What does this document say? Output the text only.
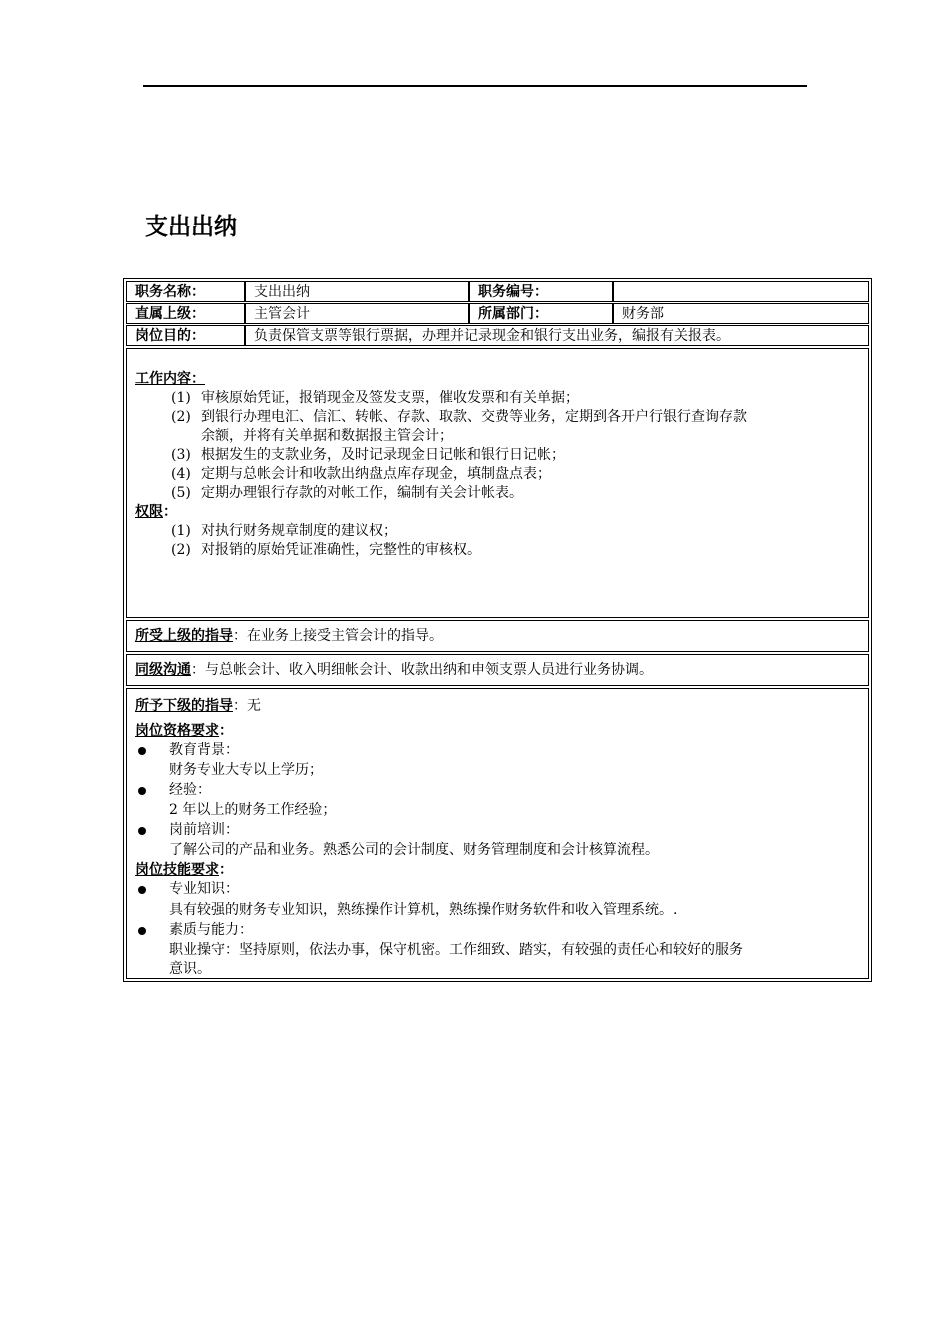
支出出纳
职务名称：	支出出纳	职务编号：
直属上级：	主管会计	所属部门：	财务部
岗位目的：	负责保管支票等银行票据，办理并记录现金和银行支出业务，编报有关报表。
工作内容：
(1) 审核原始凭证，报销现金及签发支票，催收发票和有关单据；
(2) 到银行办理电汇、信汇、转帐、存款、取款、交费等业务，定期到各开户行银行查询存款
余额，并将有关单据和数据报主管会计；
(3) 根据发生的支款业务，及时记录现金日记帐和银行日记帐；
(4) 定期与总帐会计和收款出纳盘点库存现金，填制盘点表；
(5) 定期办理银行存款的对帐工作，编制有关会计帐表。
权限：
(1) 对执行财务规章制度的建议权；
(2) 对报销的原始凭证准确性，完整性的审核权。
所受上级的指导：在业务上接受主管会计的指导。
同级沟通：与总帐会计、收入明细帐会计、收款出纳和申领支票人员进行业务协调。
所予下级的指导：无
岗位资格要求：
教育背景：
财务专业大专以上学历；
经验：
2 年以上的财务工作经验；
岗前培训：
了解公司的产品和业务。熟悉公司的会计制度、财务管理制度和会计核算流程。
岗位技能要求：
专业知识：
具有较强的财务专业知识，熟练操作计算机，熟练操作财务软件和收入管理系统。.
素质与能力：
职业操守：坚持原则，依法办事，保守机密。工作细致、踏实，有较强的责任心和较好的服务
意识。
